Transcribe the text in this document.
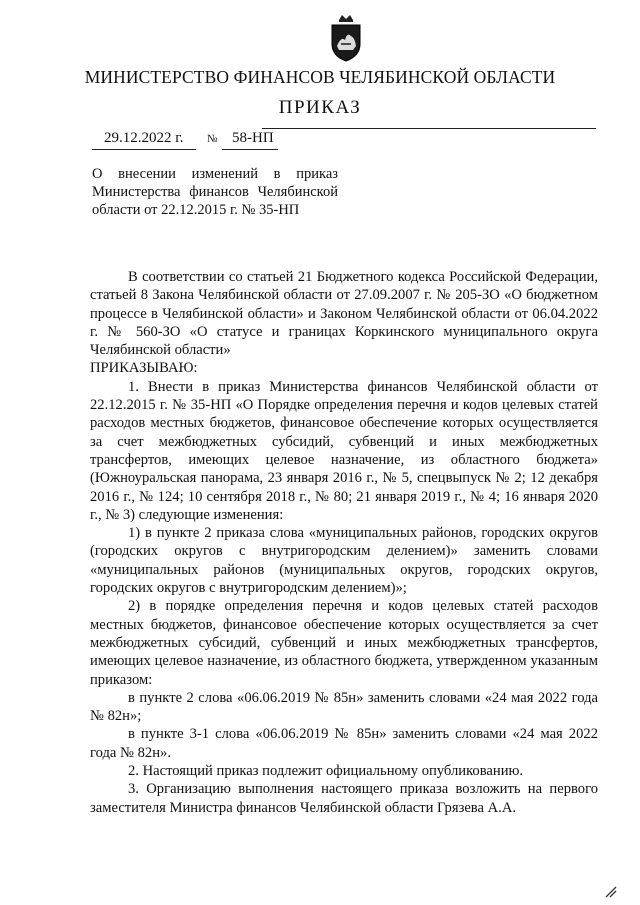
МИНИСТЕРСТВО ФИНАНСОВ ЧЕЛЯБИНСКОЙ ОБЛАСТИ
ПРИКАЗ
29.12.2022 г. № 58-НП
О внесении изменений в приказ Министерства финансов Челябинской области от 22.12.2015 г. № 35-НП

В соответствии со статьей 21 Бюджетного кодекса Российской Федерации, статьей 8 Закона Челябинской области от 27.09.2007 г. № 205-ЗО «О бюджетном процессе в Челябинской области» и Законом Челябинской области от 06.04.2022 г. № 560-ЗО «О статусе и границах Коркинского муниципального округа Челябинской области»

ПРИКАЗЫВАЮ:

1. Внести в приказ Министерства финансов Челябинской области от 22.12.2015 г. № 35-НП «О Порядке определения перечня и кодов целевых статей расходов местных бюджетов, финансовое обеспечение которых осуществляется за счет межбюджетных субсидий, субвенций и иных межбюджетных трансфертов, имеющих целевое назначение, из областного бюджета» (Южноуральская панорама, 23 января 2016 г., № 5, спецвыпуск № 2; 12 декабря 2016 г., № 124; 10 сентября 2018 г., № 80; 21 января 2019 г., № 4; 16 января 2020 г., № 3) следующие изменения:

1) в пункте 2 приказа слова «муниципальных районов, городских округов (городских округов с внутригородским делением)» заменить словами «муниципальных районов (муниципальных округов, городских округов, городских округов с внутригородским делением)»;

2) в порядке определения перечня и кодов целевых статей расходов местных бюджетов, финансовое обеспечение которых осуществляется за счет межбюджетных субсидий, субвенций и иных межбюджетных трансфертов, имеющих целевое назначение, из областного бюджета, утвержденном указанным приказом:

в пункте 2 слова «06.06.2019 № 85н» заменить словами «24 мая 2022 года № 82н»;

в пункте 3-1 слова «06.06.2019 № 85н» заменить словами «24 мая 2022 года № 82н».

2. Настоящий приказ подлежит официальному опубликованию.

3. Организацию выполнения настоящего приказа возложить на первого заместителя Министра финансов Челябинской области Грязева А.А.
